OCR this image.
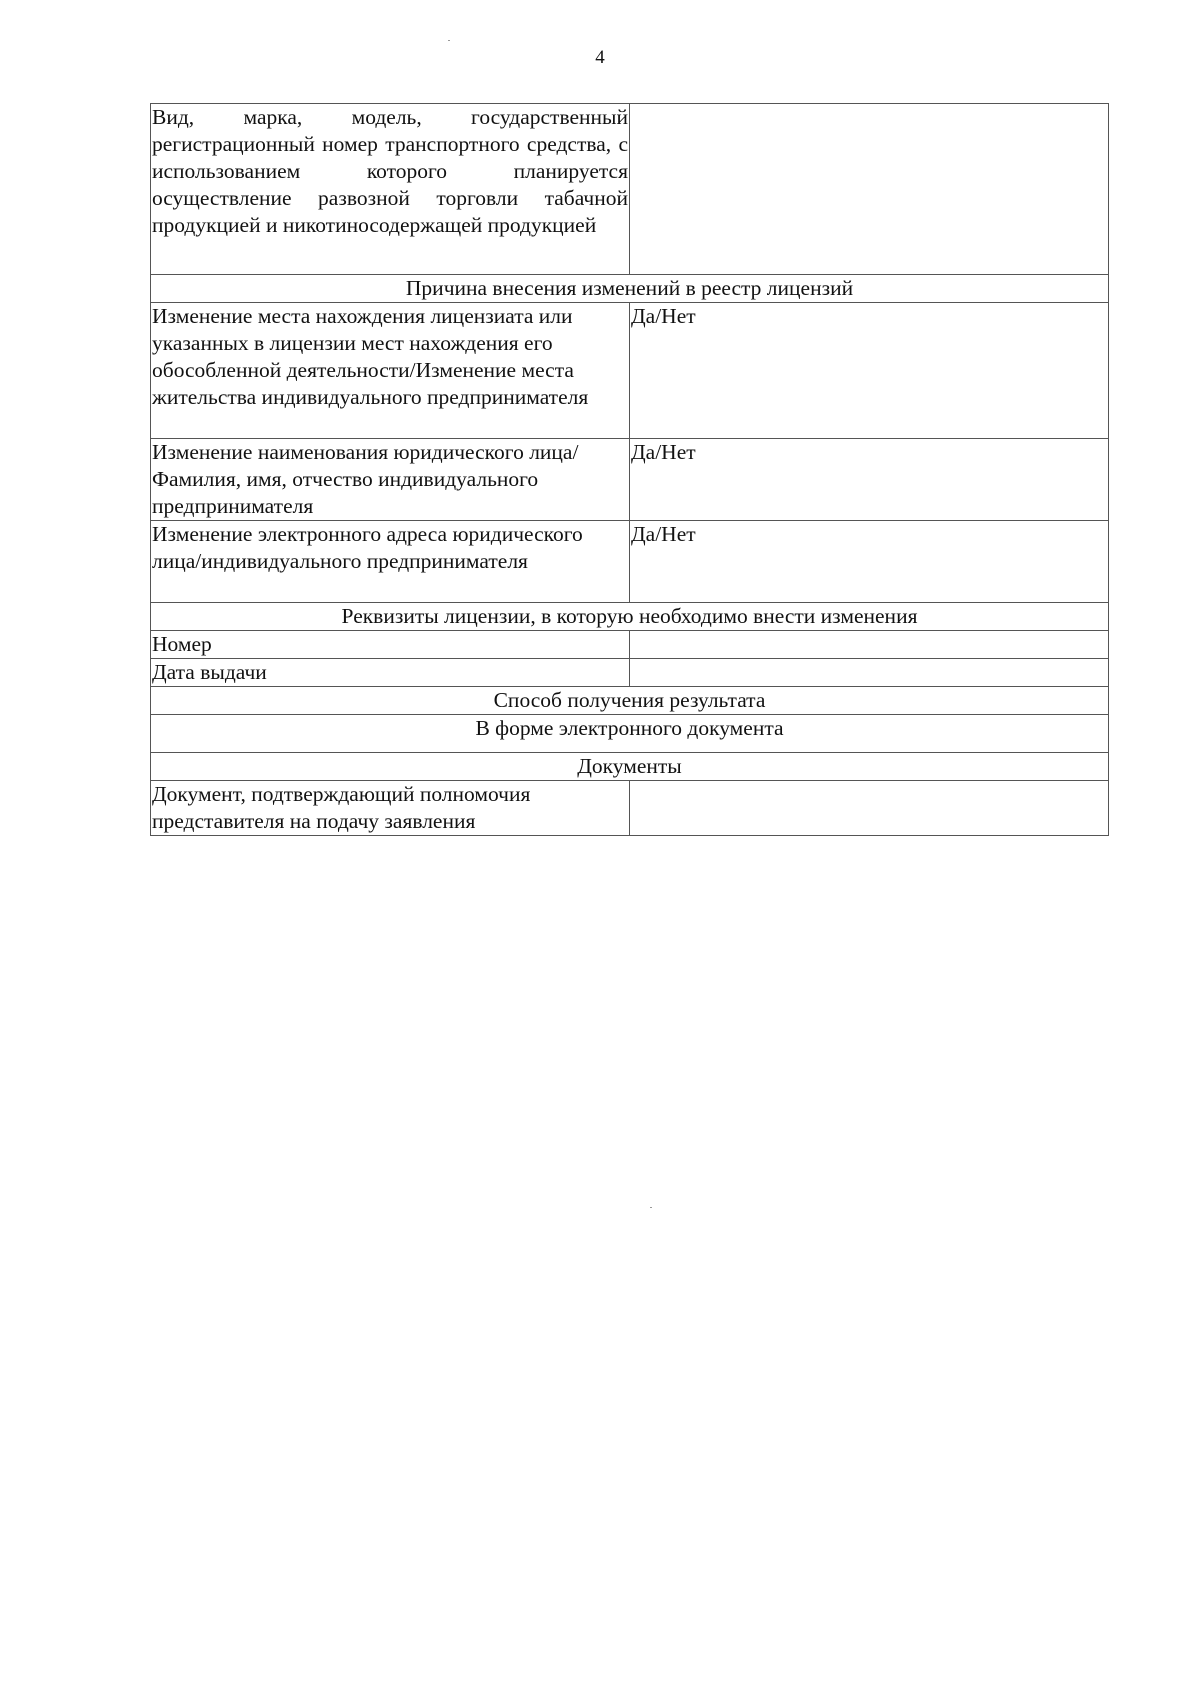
4
Вид, марка, модель, государственный регистрационный номер транспортного средства, с использованием которого планируется осуществление развозной торговли табачной продукцией и никотиносодержащей продукцией	
Причина внесения изменений в реестр лицензий	
Изменение места нахождения лицензиата или указанных в лицензии мест нахождения его обособленной деятельности/Изменение места жительства индивидуального предпринимателя	Да/Нет
Изменение наименования юридического лица/Фамилия, имя, отчество индивидуального предпринимателя	Да/Нет
Изменение электронного адреса юридического лица/индивидуального предпринимателя	Да/Нет
Реквизиты лицензии, в которую необходимо внести изменения	
Номер	
Дата выдачи	
Способ получения результата	
В форме электронного документа	
Документы	
Документ, подтверждающий полномочия представителя на подачу заявления	
